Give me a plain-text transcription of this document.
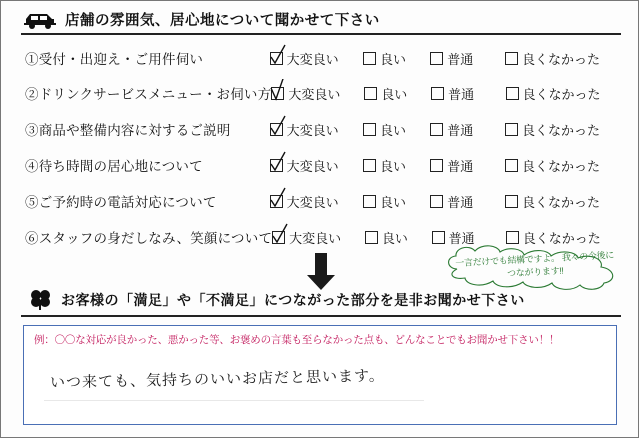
店舗の雰囲気、居心地について聞かせて下さい
①受付・出迎え・ご用件伺い	大変良い	良い	普通	良くなかった
②ドリンクサービスメニュー・お伺い方 大変良い	良い	普通	良くなかった
③商品や整備内容に対するご説明	大変良い	良い	普通	良くなかった
④待ち時間の居心地について	大変良い	良い	普通	良くなかった
⑤ご予約時の電話対応について	大変良い	良い	普通	良くなかった
⑥スタッフの身だしなみ、笑顔について 大変良い	良い	普通	良くなかった
一言だけでも結構ですよ。 我々の今後につながります‼
お客様の「満足」や「不満足」につながった部分を是非お聞かせ下さい
例：〇〇な対応が良かった、悪かった等、お褒めの言葉も至らなかった点も、どんなことでもお聞かせ下さい！！
いつ来ても、気持ちのいいお店だと思います。
